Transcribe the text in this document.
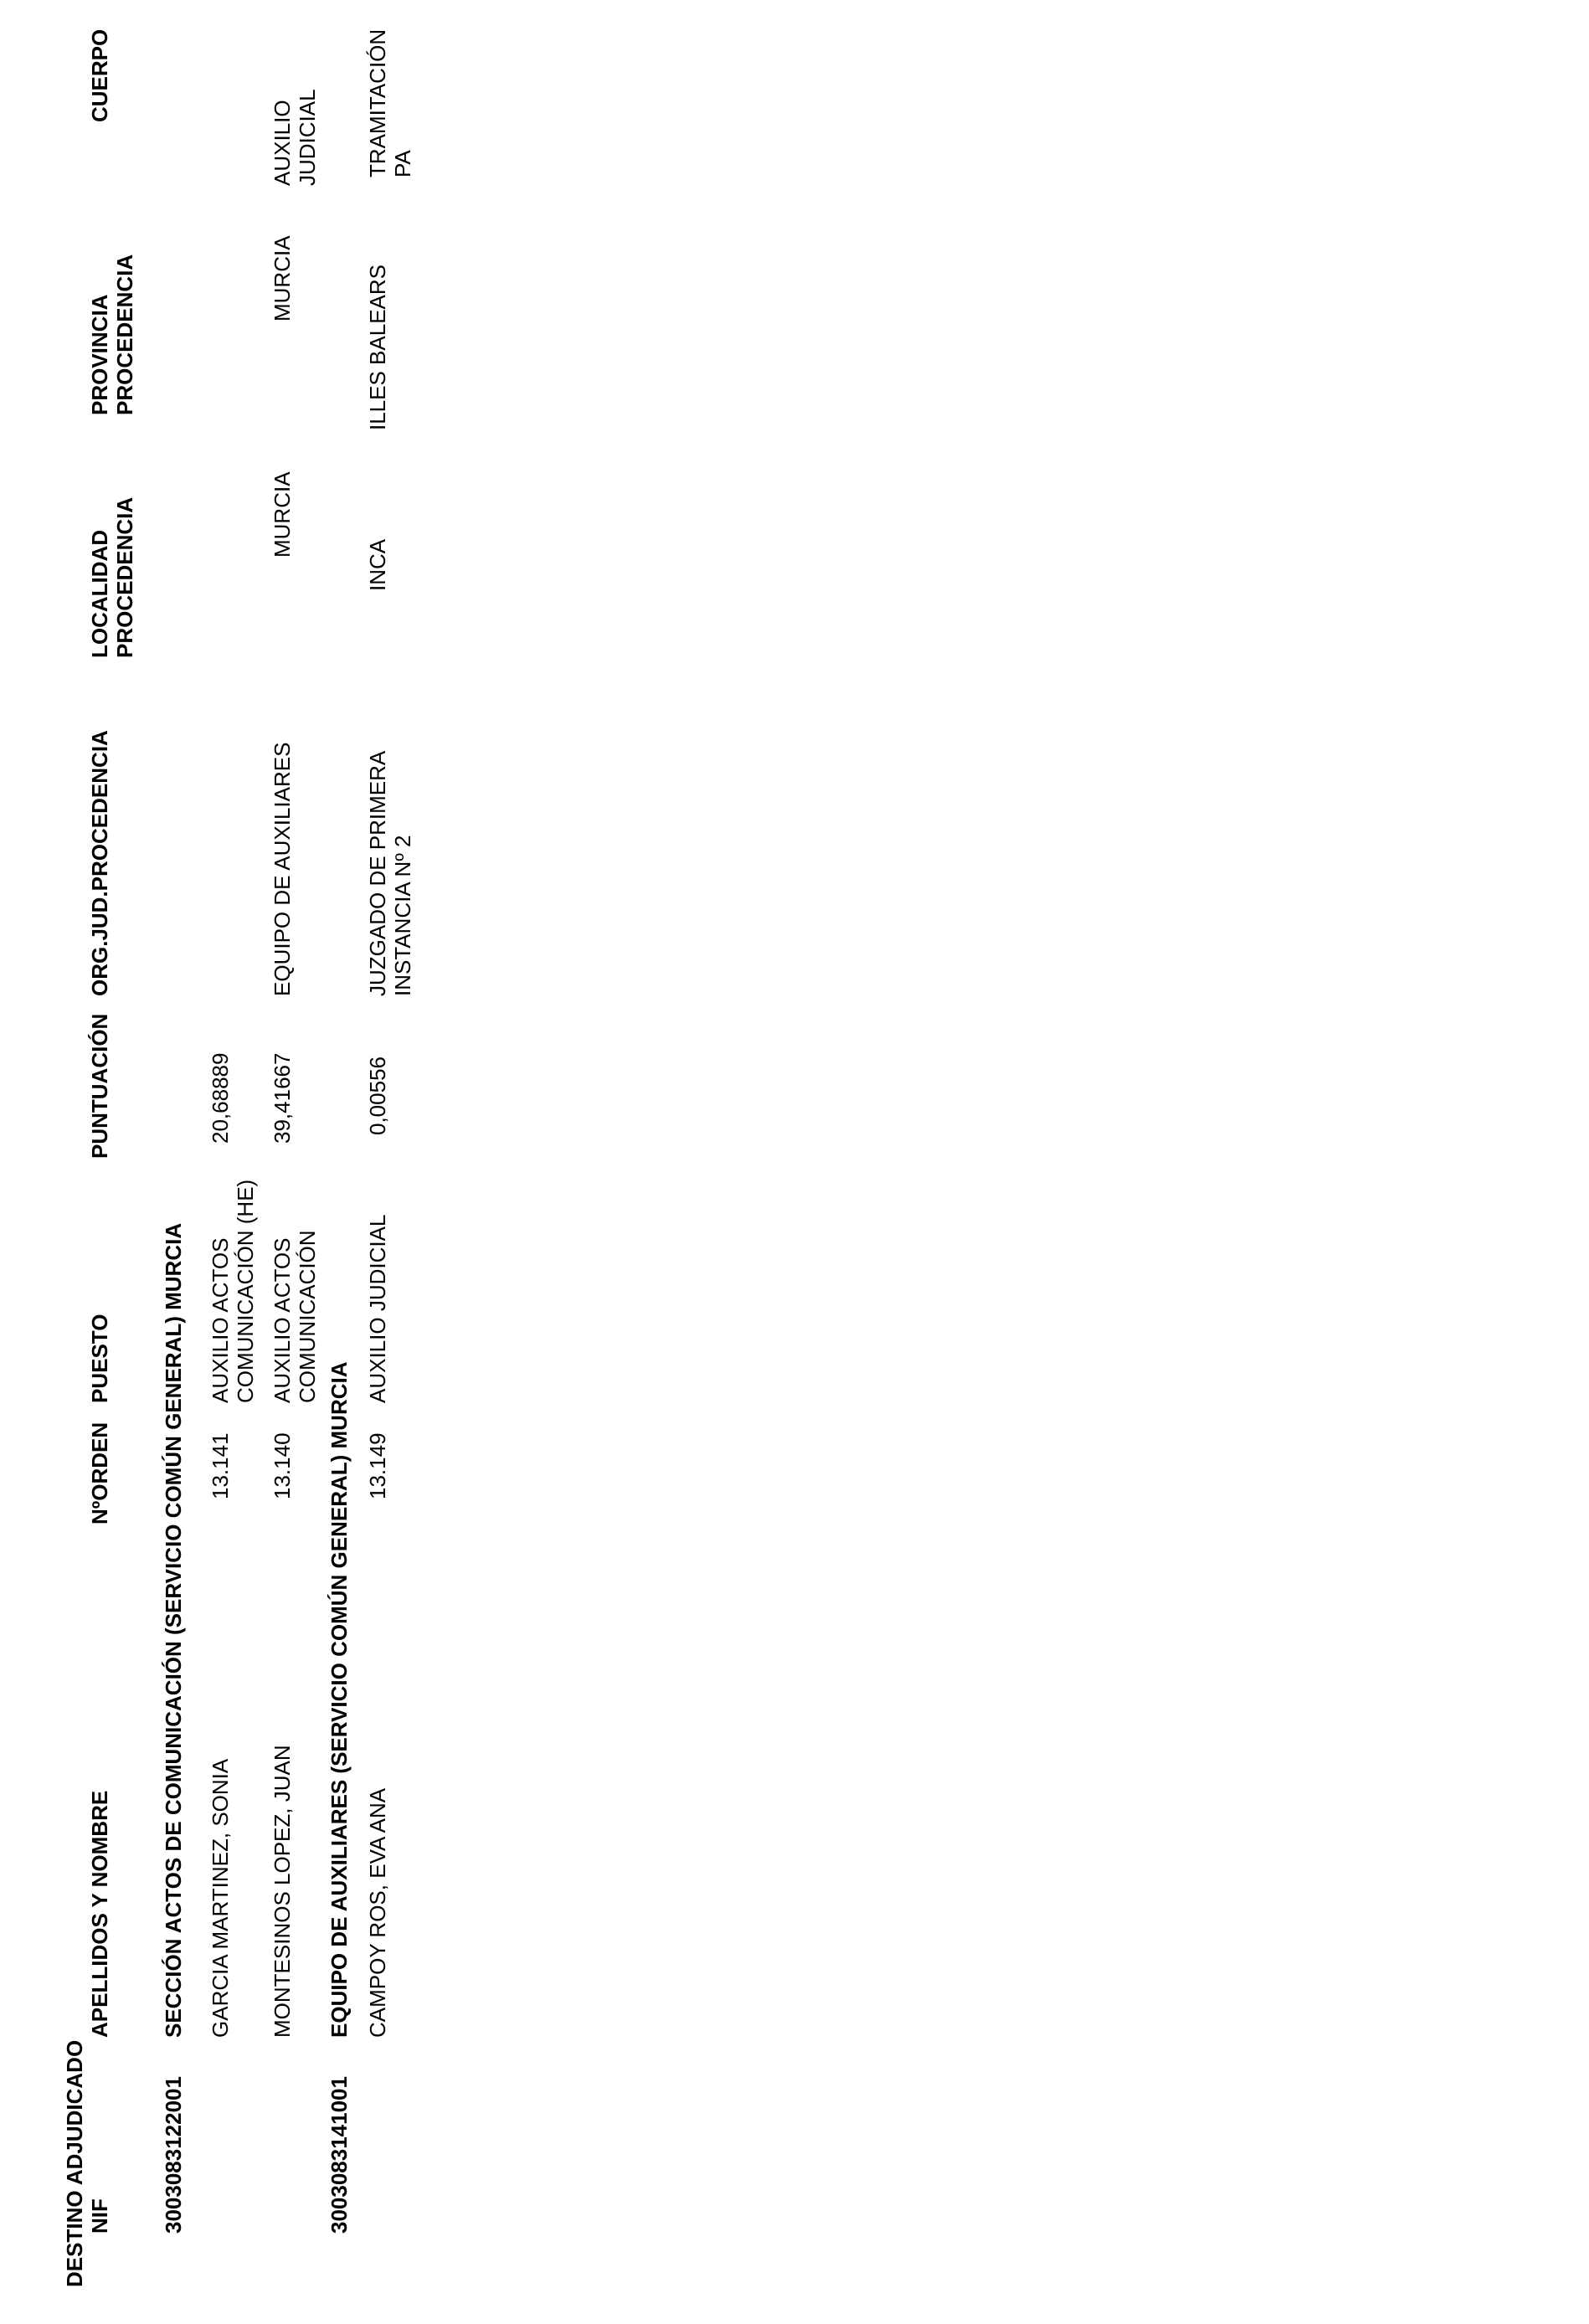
DESTINO ADJUDICADO NIF
APELLIDOS Y NOMBRE
NºORDEN
PUESTO
PUNTUACIÓN
ORG.JUD.PROCEDENCIA
LOCALIDAD PROCEDENCIA
PROVINCIA PROCEDENCIA
CUERPO
3003083122001
SECCIÓN ACTOS DE COMUNICACIÓN (SERVICIO COMÚN GENERAL) MURCIA GARCIA MARTINEZ, SONIA
13.141
AUXILIO ACTOS COMUNICACIÓN (HE)
20,68889
MONTESINOS LOPEZ, JUAN
13.140
AUXILIO ACTOS COMUNICACIÓN
39,41667
EQUIPO DE AUXILIARES
MURCIA
MURCIA
AUXILIO JUDICIAL
3003083141001
EQUIPO DE AUXILIARES (SERVICIO COMÚN GENERAL) MURCIA CAMPOY ROS, EVA ANA
13.149
AUXILIO JUDICIAL
0,00556
JUZGADO DE PRIMERA INSTANCIA Nº 2
INCA
ILLES BALEARS
TRAMITACIÓN PA
